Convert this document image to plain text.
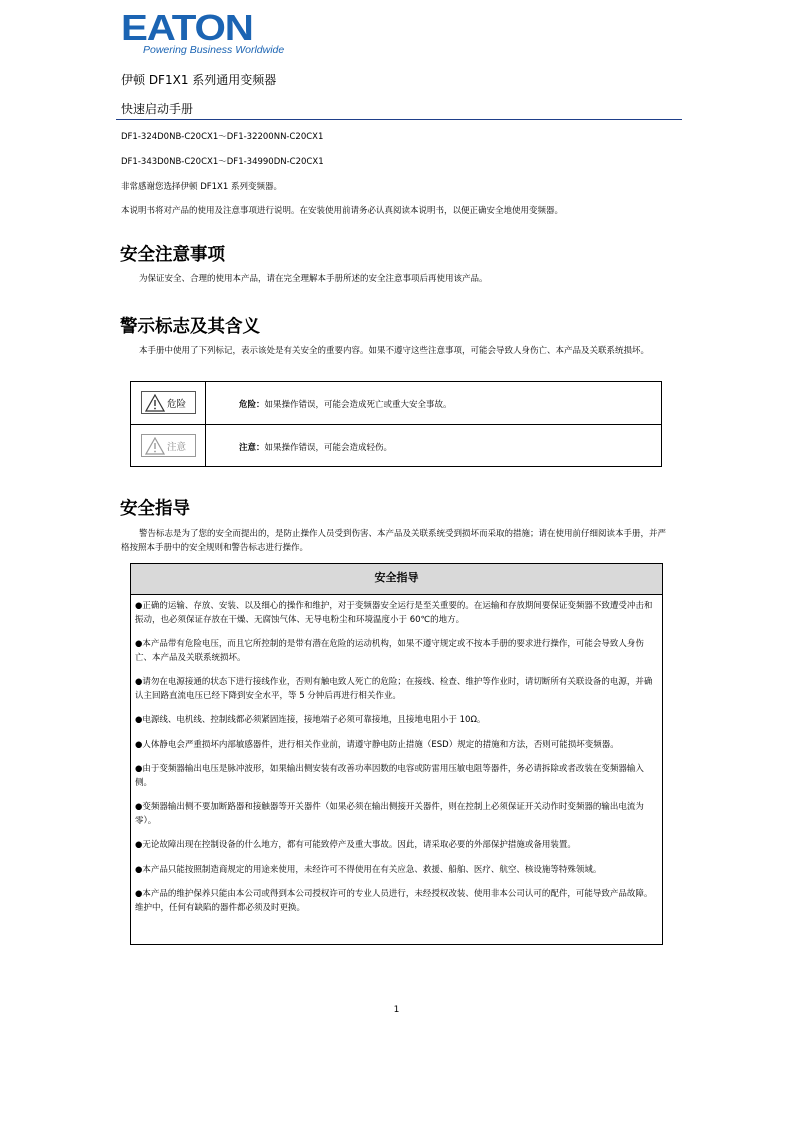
EATON
Powering Business Worldwide
伊顿 DF1X1 系列通用变频器
快速启动手册
DF1-324D0NB-C20CX1～DF1-32200NN-C20CX1
DF1-343D0NB-C20CX1～DF1-34990DN-C20CX1
非常感谢您选择伊顿 DF1X1 系列变频器。
本说明书将对产品的使用及注意事项进行说明。在安装使用前请务必认真阅读本说明书，以便正确安全地使用变频器。
安全注意事项
为保证安全、合理的使用本产品，请在完全理解本手册所述的安全注意事项后再使用该产品。
警示标志及其含义
本手册中使用了下列标记，表示该处是有关安全的重要内容。如果不遵守这些注意事项，可能会导致人身伤亡、本产品及关联系统损坏。
危险	危险：如果操作错误，可能会造成死亡或重大安全事故。
注意	注意：如果操作错误，可能会造成轻伤。
安全指导
警告标志是为了您的安全而提出的，是防止操作人员受到伤害、本产品及关联系统受到损坏而采取的措施；请在使用前仔细阅读本手册，并严格按照本手册中的安全规则和警告标志进行操作。
安全指导
●正确的运输、存放、安装、以及细心的操作和维护，对于变频器安全运行是至关重要的。在运输和存放期间要保证变频器不致遭受冲击和振动，也必须保证存放在干燥、无腐蚀气体、无导电粉尘和环境温度小于 60℃的地方。
●本产品带有危险电压，而且它所控制的是带有潜在危险的运动机构，如果不遵守规定或不按本手册的要求进行操作，可能会导致人身伤亡、本产品及关联系统损坏。
●请勿在电源接通的状态下进行接线作业，否则有触电致人死亡的危险；在接线、检查、维护等作业时，请切断所有关联设备的电源，并确认主回路直流电压已经下降到安全水平，等 5 分钟后再进行相关作业。
●电源线、电机线、控制线都必须紧固连接，接地端子必须可靠接地，且接地电阻小于 10Ω。
●人体静电会严重损坏内部敏感器件，进行相关作业前，请遵守静电防止措施（ESD）规定的措施和方法，否则可能损坏变频器。
●由于变频器输出电压是脉冲波形，如果输出侧安装有改善功率因数的电容或防雷用压敏电阻等器件，务必请拆除或者改装在变频器输入侧。
●变频器输出侧不要加断路器和接触器等开关器件（如果必须在输出侧接开关器件，则在控制上必须保证开关动作时变频器的输出电流为零）。
●无论故障出现在控制设备的什么地方，都有可能致停产及重大事故。因此，请采取必要的外部保护措施或备用装置。
●本产品只能按照制造商规定的用途来使用，未经许可不得使用在有关应急、救援、船舶、医疗、航空、核设施等特殊领域。
●本产品的维护保养只能由本公司或得到本公司授权许可的专业人员进行，未经授权改装、使用非本公司认可的配件，可能导致产品故障。维护中，任何有缺陷的器件都必须及时更换。
1
